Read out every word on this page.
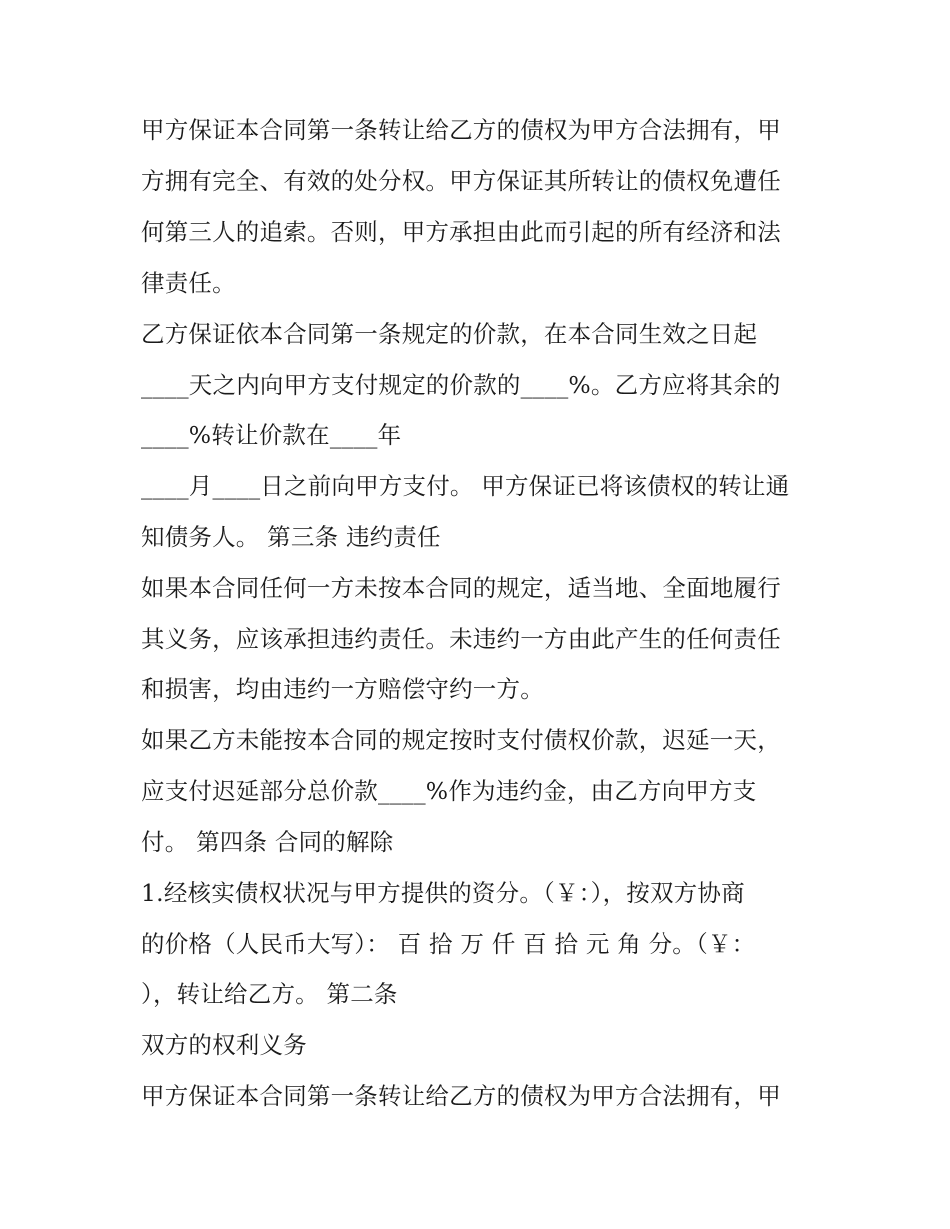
甲方保证本合同第一条转让给乙方的债权为甲方合法拥有，甲
方拥有完全、有效的处分权。甲方保证其所转让的债权免遭任
何第三人的追索。否则，甲方承担由此而引起的所有经济和法
律责任。
乙方保证依本合同第一条规定的价款，在本合同生效之日起
____天之内向甲方支付规定的价款的____%。乙方应将其余的
____%转让价款在____年
____月____日之前向甲方支付。 甲方保证已将该债权的转让通
知债务人。 第三条 违约责任
如果本合同任何一方未按本合同的规定，适当地、全面地履行
其义务，应该承担违约责任。未违约一方由此产生的任何责任
和损害，均由违约一方赔偿守约一方。
如果乙方未能按本合同的规定按时支付债权价款，迟延一天，
应支付迟延部分总价款____%作为违约金，由乙方向甲方支
付。 第四条 合同的解除
1.经核实债权状况与甲方提供的资分。（￥：），按双方协商
的价格（人民币大写）： 百 拾 万 仟 百 拾 元 角 分。（￥：
），转让给乙方。 第二条
双方的权利义务
甲方保证本合同第一条转让给乙方的债权为甲方合法拥有，甲
